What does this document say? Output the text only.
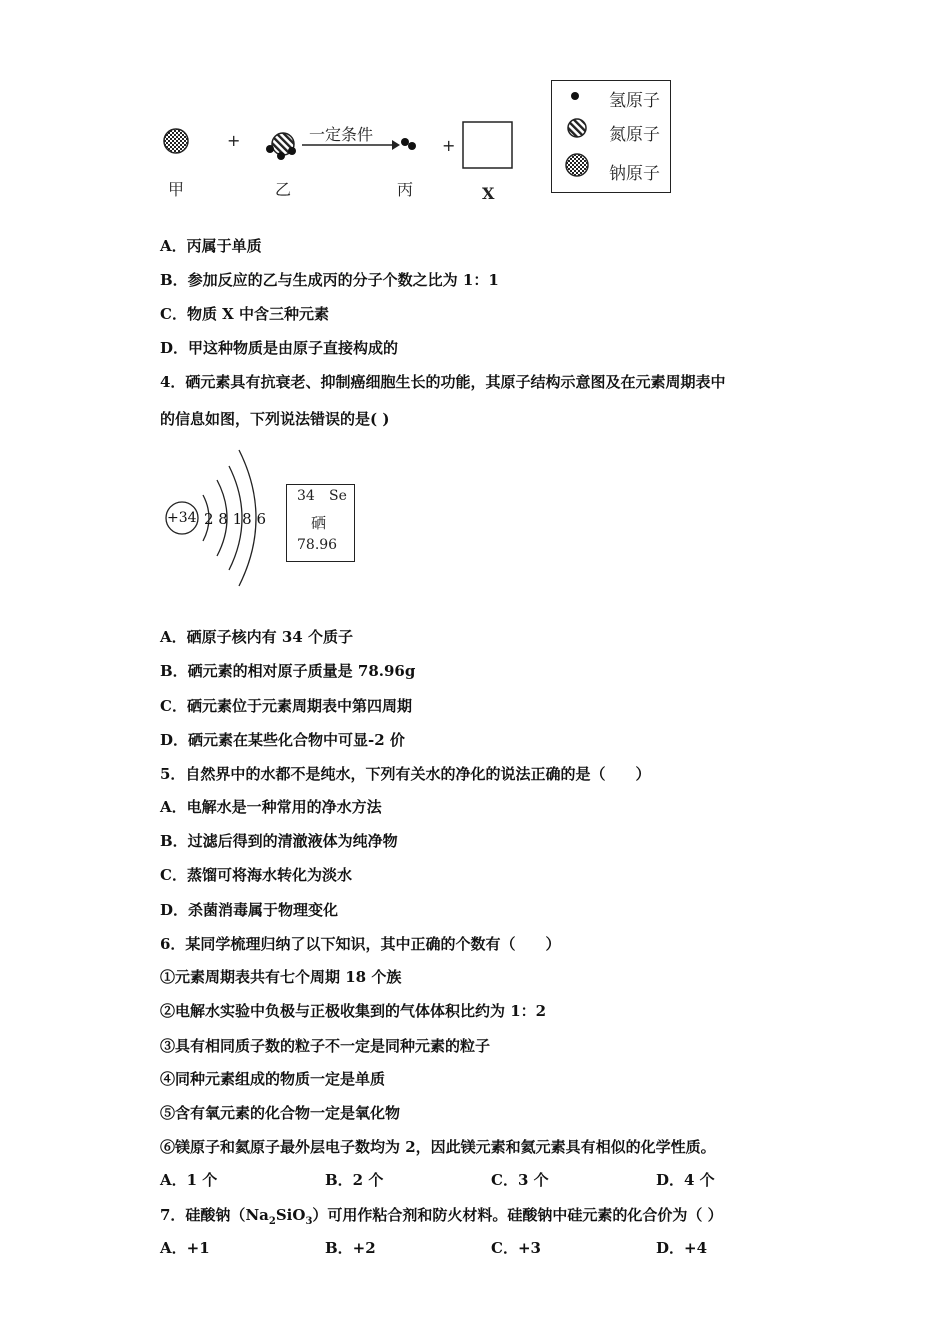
+	+
一定条件
甲	乙	丙	X
氢原子
氮原子
钠原子
A．丙属于单质
B．参加反应的乙与生成丙的分子个数之比为 1：1
C．物质 X 中含三种元素
D．甲这种物质是由原子直接构成的
4．硒元素具有抗衰老、抑制癌细胞生长的功能，其原子结构示意图及在元素周期表中
的信息如图，下列说法错误的是( )
+34 2 8 18 6
34 Se
硒
78.96
A．硒原子核内有 34 个质子
B．硒元素的相对原子质量是 78.96g
C．硒元素位于元素周期表中第四周期
D．硒元素在某些化合物中可显-2 价
5．自然界中的水都不是纯水，下列有关水的净化的说法正确的是（　　）
A．电解水是一种常用的净水方法
B．过滤后得到的清澈液体为纯净物
C．蒸馏可将海水转化为淡水
D．杀菌消毒属于物理变化
6．某同学梳理归纳了以下知识，其中正确的个数有（　　）
①元素周期表共有七个周期 18 个族
②电解水实验中负极与正极收集到的气体体积比约为 1：2
③具有相同质子数的粒子不一定是同种元素的粒子
④同种元素组成的物质一定是单质
⑤含有氧元素的化合物一定是氧化物
⑥镁原子和氦原子最外层电子数均为 2，因此镁元素和氦元素具有相似的化学性质。
A．1 个	B．2 个	C．3 个	D．4 个
7．硅酸钠$(Na_2SiO_3)$可用作粘合剂和防火材料。硅酸钠中硅元素的化合价为（ ）
A．+1	B．+2	C．+3	D．+4
